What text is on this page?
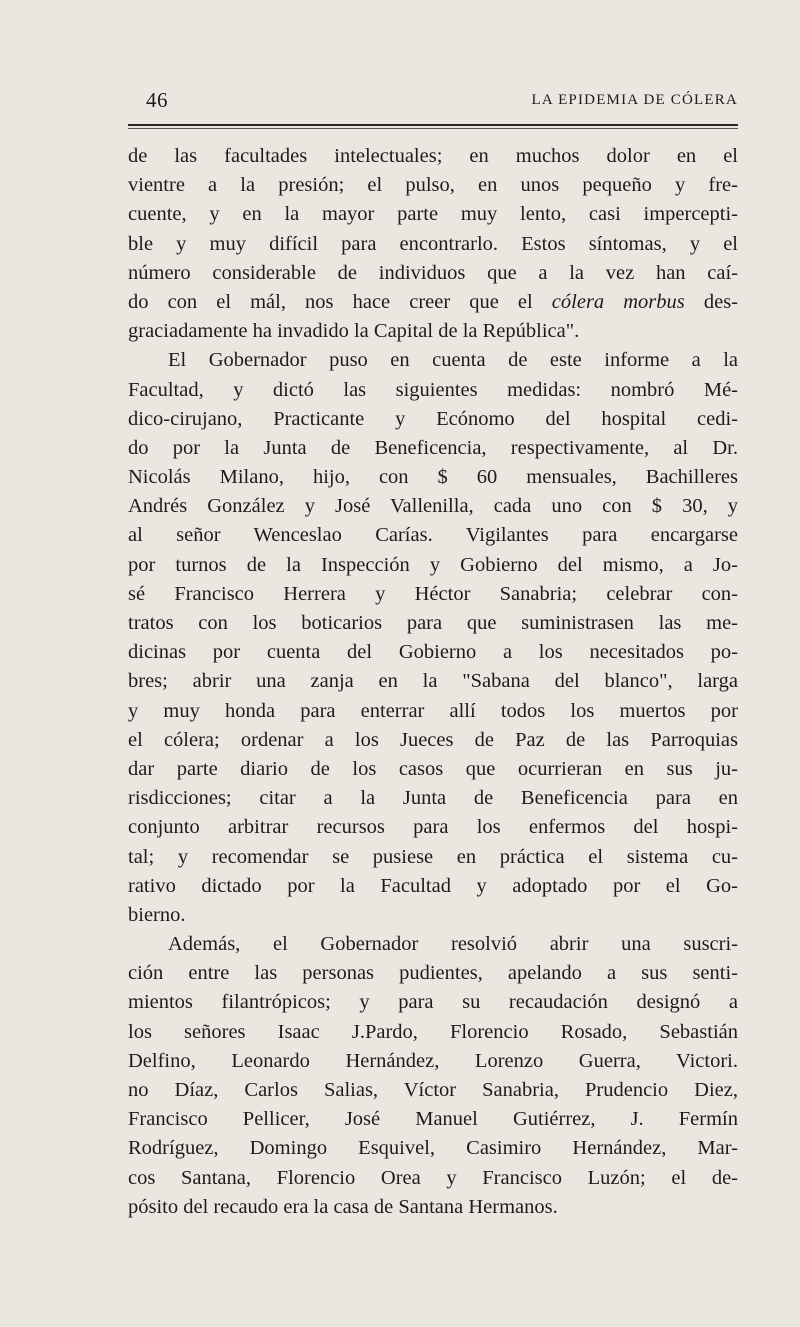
46	LA EPIDEMIA DE CÓLERA
de las facultades intelectuales; en muchos dolor en el
vientre a la presión; el pulso, en unos pequeño y fre-
cuente, y en la mayor parte muy lento, casi impercepti-
ble y muy difícil para encontrarlo. Estos síntomas, y el
número considerable de individuos que a la vez han caí-
do con el mál, nos hace creer que el cólera morbus des-
graciadamente ha invadido la Capital de la República".
El Gobernador puso en cuenta de este informe a la
Facultad, y dictó las siguientes medidas: nombró Mé-
dico-cirujano, Practicante y Ecónomo del hospital cedi-
do por la Junta de Beneficencia, respectivamente, al Dr.
Nicolás Milano, hijo, con $ 60 mensuales, Bachilleres
Andrés González y José Vallenilla, cada uno con $ 30, y
al señor Wenceslao Carías. Vigilantes para encargarse
por turnos de la Inspección y Gobierno del mismo, a Jo-
sé Francisco Herrera y Héctor Sanabria; celebrar con-
tratos con los boticarios para que suministrasen las me-
dicinas por cuenta del Gobierno a los necesitados po-
bres; abrir una zanja en la "Sabana del blanco", larga
y muy honda para enterrar allí todos los muertos por
el cólera; ordenar a los Jueces de Paz de las Parroquias
dar parte diario de los casos que ocurrieran en sus ju-
risdicciones; citar a la Junta de Beneficencia para en
conjunto arbitrar recursos para los enfermos del hospi-
tal; y recomendar se pusiese en práctica el sistema cu-
rativo dictado por la Facultad y adoptado por el Go-
bierno.
Además, el Gobernador resolvió abrir una suscri-
ción entre las personas pudientes, apelando a sus senti-
mientos filantrópicos; y para su recaudación designó a
los señores Isaac J.Pardo, Florencio Rosado, Sebastián
Delfino, Leonardo Hernández, Lorenzo Guerra, Victori.
no Díaz, Carlos Salias, Víctor Sanabria, Prudencio Diez,
Francisco Pellicer, José Manuel Gutiérrez, J. Fermín
Rodríguez, Domingo Esquivel, Casimiro Hernández, Mar-
cos Santana, Florencio Orea y Francisco Luzón; el de-
pósito del recaudo era la casa de Santana Hermanos.
